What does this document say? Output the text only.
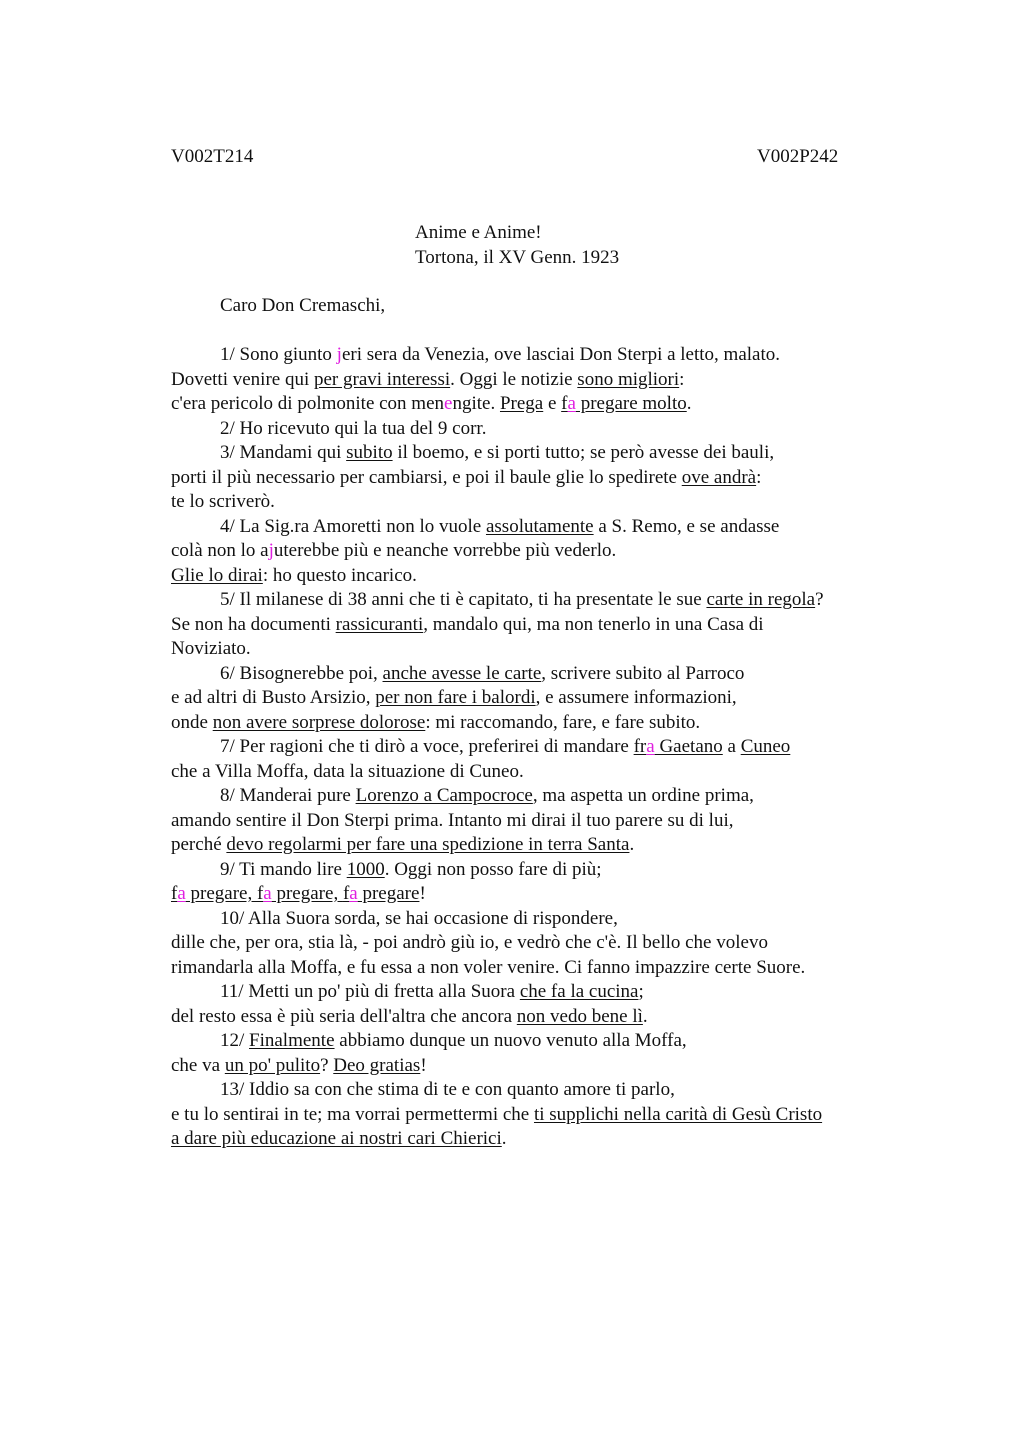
V002T214	V002P242
Anime e Anime!
Tortona, il XV Genn. 1923
Caro Don Cremaschi,
1/ Sono giunto jeri sera da Venezia, ove lasciai Don Sterpi a letto, malato.
Dovetti venire qui per gravi interessi. Oggi le notizie sono migliori:
c'era pericolo di polmonite con menengite. Prega e fa pregare molto.
2/ Ho ricevuto qui la tua del 9 corr.
3/ Mandami qui subito il boemo, e si porti tutto; se però avesse dei bauli,
porti il più necessario per cambiarsi, e poi il baule glie lo spedirete ove andrà:
te lo scriverò.
4/ La Sig.ra Amoretti non lo vuole assolutamente a S. Remo, e se andasse
colà non lo ajuterebbe più e neanche vorrebbe più vederlo.
Glie lo dirai: ho questo incarico.
5/ Il milanese di 38 anni che ti è capitato, ti ha presentate le sue carte in regola?
Se non ha documenti rassicuranti, mandalo qui, ma non tenerlo in una Casa di
Noviziato.
6/ Bisognerebbe poi, anche avesse le carte, scrivere subito al Parroco
e ad altri di Busto Arsizio, per non fare i balordi, e assumere informazioni,
onde non avere sorprese dolorose: mi raccomando, fare, e fare subito.
7/ Per ragioni che ti dirò a voce, preferirei di mandare fra Gaetano a Cuneo
che a Villa Moffa, data la situazione di Cuneo.
8/ Manderai pure Lorenzo a Campocroce, ma aspetta un ordine prima,
amando sentire il Don Sterpi prima. Intanto mi dirai il tuo parere su di lui,
perché devo regolarmi per fare una spedizione in terra Santa.
9/ Ti mando lire 1000. Oggi non posso fare di più;
fa pregare, fa pregare, fa pregare!
10/ Alla Suora sorda, se hai occasione di rispondere,
dille che, per ora, stia là, - poi andrò giù io, e vedrò che c'è. Il bello che volevo
rimandarla alla Moffa, e fu essa a non voler venire. Ci fanno impazzire certe Suore.
11/ Metti un po' più di fretta alla Suora che fa la cucina;
del resto essa è più seria dell'altra che ancora non vedo bene lì.
12/ Finalmente abbiamo dunque un nuovo venuto alla Moffa,
che va un po' pulito? Deo gratias!
13/ Iddio sa con che stima di te e con quanto amore ti parlo,
e tu lo sentirai in te; ma vorrai permettermi che ti supplichi nella carità di Gesù Cristo
a dare più educazione ai nostri cari Chierici.
